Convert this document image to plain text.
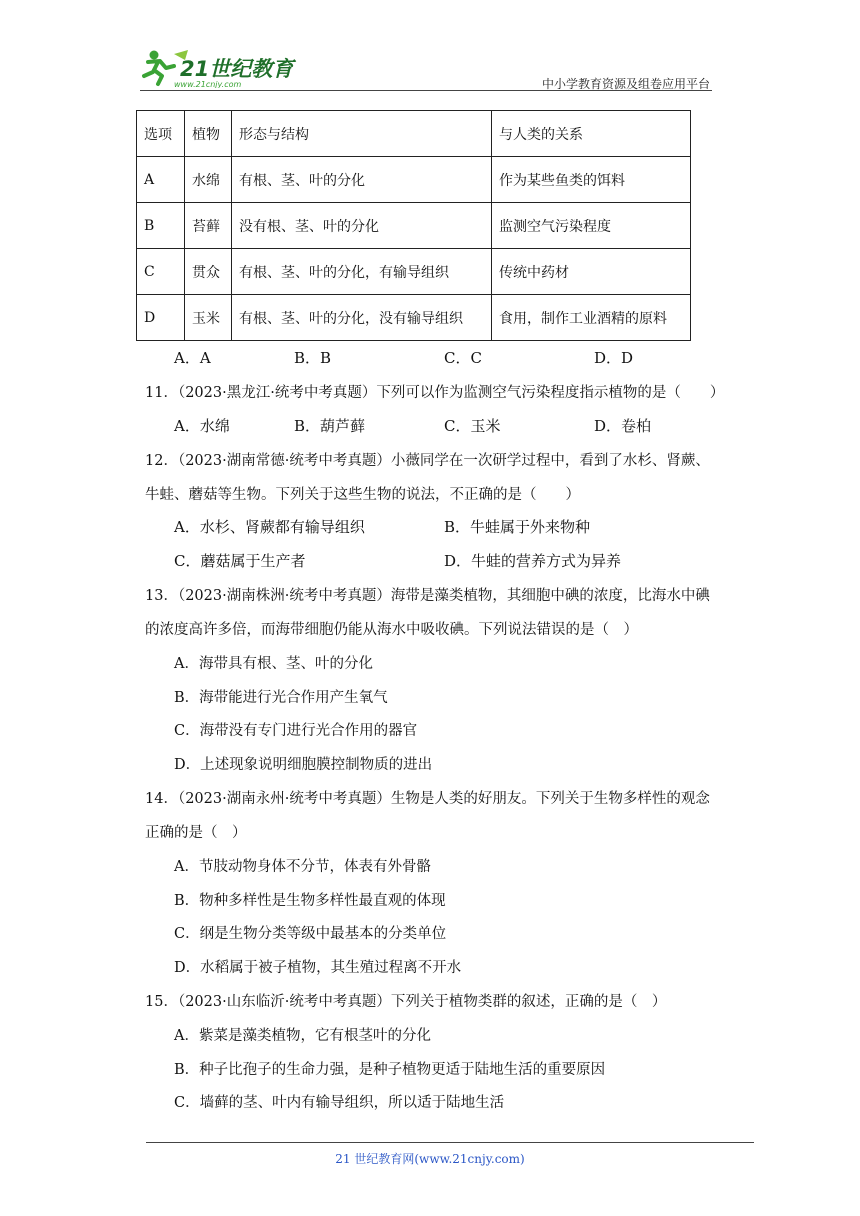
21世纪教育
www.21cnjy.com	中小学教育资源及组卷应用平台
选项	植物	形态与结构	与人类的关系
A	水绵	有根、茎、叶的分化	作为某些鱼类的饵料
B	苔藓	没有根、茎、叶的分化	监测空气污染程度
C	贯众	有根、茎、叶的分化，有输导组织	传统中药材
D	玉米	有根、茎、叶的分化，没有输导组织	食用，制作工业酒精的原料
A．A	B．B	C．C	D．D
11．（2023·黑龙江·统考中考真题）下列可以作为监测空气污染程度指示植物的是（　　）
A．水绵	B．葫芦藓	C．玉米	D．卷柏
12．（2023·湖南常德·统考中考真题）小薇同学在一次研学过程中，看到了水杉、肾蕨、
牛蛙、蘑菇等生物。下列关于这些生物的说法，不正确的是（　　）
A．水杉、肾蕨都有输导组织	B．牛蛙属于外来物种
C．蘑菇属于生产者	D．牛蛙的营养方式为异养
13．（2023·湖南株洲·统考中考真题）海带是藻类植物，其细胞中碘的浓度，比海水中碘
的浓度高许多倍，而海带细胞仍能从海水中吸收碘。下列说法错误的是（　）
A．海带具有根、茎、叶的分化
B．海带能进行光合作用产生氧气
C．海带没有专门进行光合作用的器官
D．上述现象说明细胞膜控制物质的进出
14．（2023·湖南永州·统考中考真题）生物是人类的好朋友。下列关于生物多样性的观念
正确的是（　）
A．节肢动物身体不分节，体表有外骨骼
B．物种多样性是生物多样性最直观的体现
C．纲是生物分类等级中最基本的分类单位
D．水稻属于被子植物，其生殖过程离不开水
15．（2023·山东临沂·统考中考真题）下列关于植物类群的叙述，正确的是（　）
A．紫菜是藻类植物，它有根茎叶的分化
B．种子比孢子的生命力强，是种子植物更适于陆地生活的重要原因
C．墙藓的茎、叶内有输导组织，所以适于陆地生活
21 世纪教育网(www.21cnjy.com)
